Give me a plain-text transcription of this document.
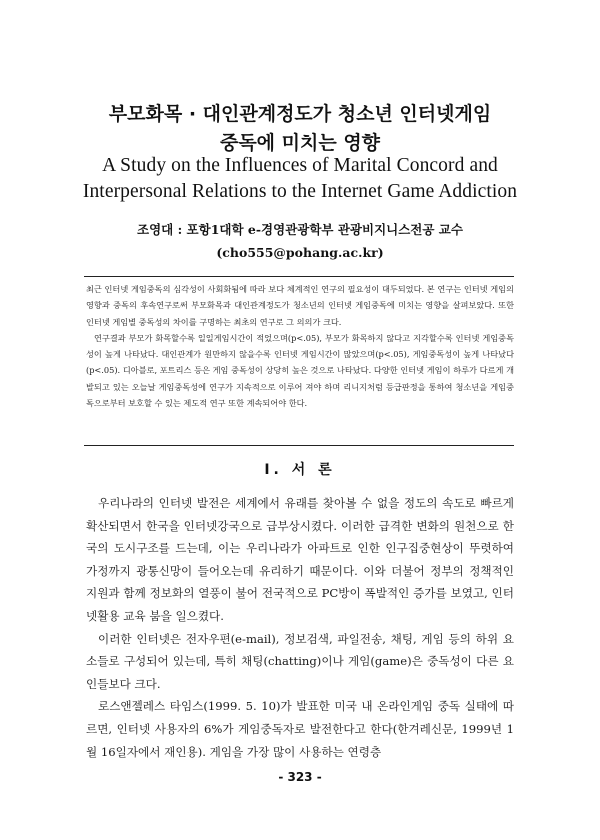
부모화목 · 대인관계정도가 청소년 인터넷게임
중독에 미치는 영향
A Study on the Influences of Marital Concord and
Interpersonal Relations to the Internet Game Addiction
조영대 : 포항1대학 e-경영관광학부 관광비지니스전공 교수
(cho555@pohang.ac.kr)

최근 인터넷 게임중독의 심각성이 사회화됨에 따라 보다 체계적인 연구의 필요성이 대두되었다. 본 연구는 인터넷 게임의 영향과 중독의 후속연구로써 부모화목과 대인관계정도가 청소년의 인터넷 게임중독에 미치는 영향을 살펴보았다. 또한 인터넷 게임별 중독성의 차이를 구명하는 최초의 연구로 그 의의가 크다.

연구결과 부모가 화목할수록 일일게임시간이 적었으며(p<.05), 부모가 화목하지 않다고 지각할수록 인터넷 게임중독성이 높게 나타났다. 대인관계가 원만하지 않을수록 인터넷 게임시간이 많았으며(p<.05), 게임중독성이 높게 나타났다(p<.05). 디아블로, 포트리스 등은 게임 중독성이 상당히 높은 것으로 나타났다. 다양한 인터넷 게임이 하루가 다르게 개발되고 있는 오늘날 게임중독성에 연구가 지속적으로 이루어 져야 하며 리니지처럼 등급판정을 통하여 청소년을 게임중독으로부터 보호할 수 있는 제도적 연구 또한 계속되어야 한다.

I. 서 론

우리나라의 인터넷 발전은 세계에서 유래를 찾아볼 수 없을 정도의 속도로 빠르게 확산되면서 한국을 인터넷강국으로 급부상시켰다. 이러한 급격한 변화의 원천으로 한국의 도시구조를 드는데, 이는 우리나라가 아파트로 인한 인구집중현상이 뚜렷하여 가정까지 광통신망이 들어오는데 유리하기 때문이다. 이와 더불어 정부의 정책적인 지원과 함께 정보화의 열풍이 불어 전국적으로 PC방이 폭발적인 증가를 보였고, 인터넷활용 교육 붐을 일으켰다.

이러한 인터넷은 전자우편(e-mail), 정보검색, 파일전송, 채팅, 게임 등의 하위 요소들로 구성되어 있는데, 특히 채팅(chatting)이나 게임(game)은 중독성이 다른 요인들보다 크다.

로스앤젤레스 타임스(1999. 5. 10)가 발표한 미국 내 온라인게임 중독 실태에 따르면, 인터넷 사용자의 6%가 게임중독자로 발전한다고 한다(한겨레신문, 1999년 1월 16일자에서 재인용). 게임을 가장 많이 사용하는 연령층

- 323 -
